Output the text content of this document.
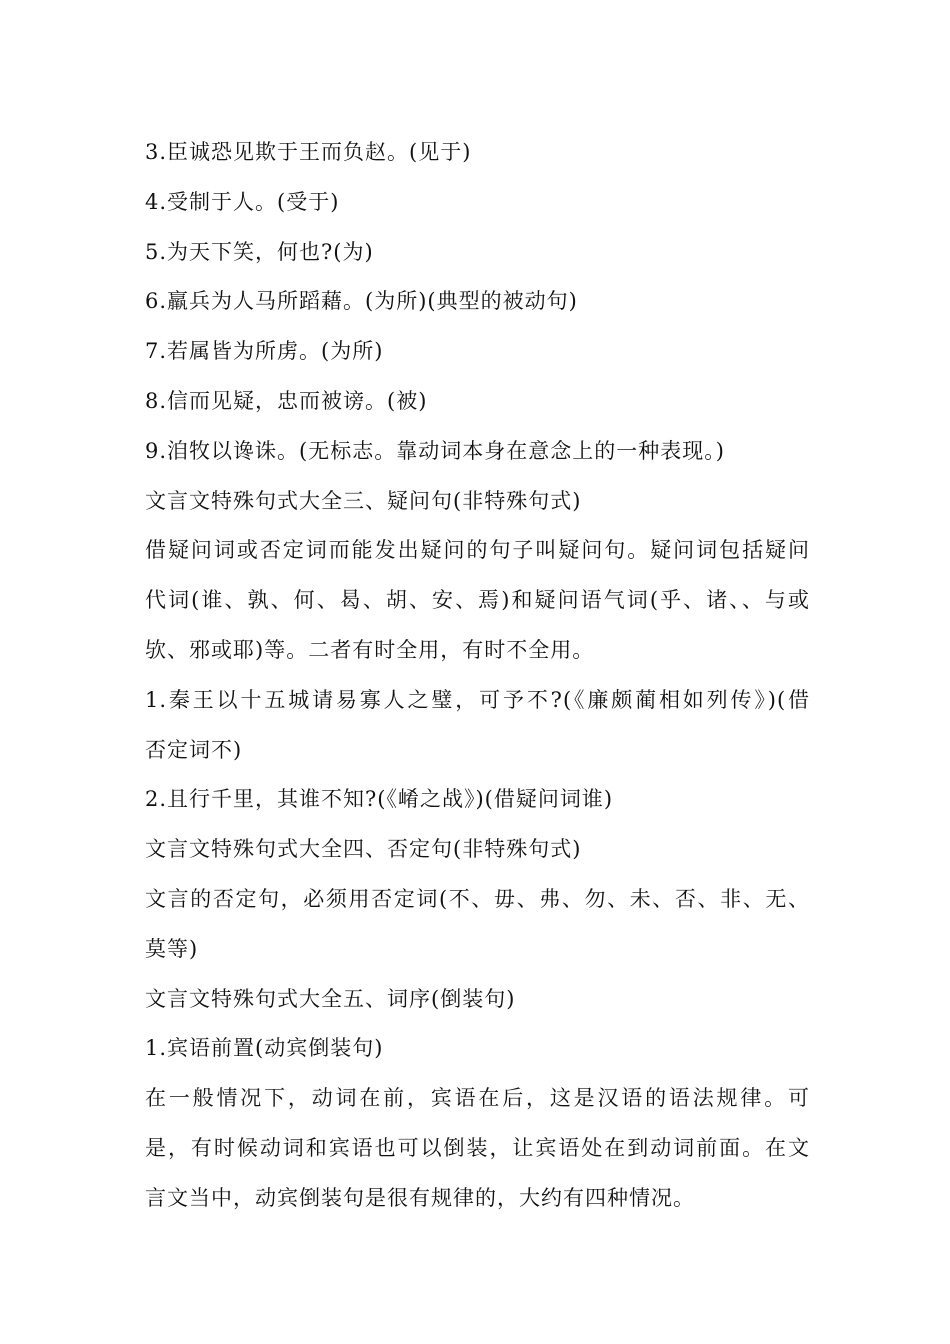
3.臣诚恐见欺于王而负赵。(见于)
4.受制于人。(受于)
5.为天下笑，何也?(为)
6.羸兵为人马所蹈藉。(为所)(典型的被动句)
7.若属皆为所虏。(为所)
8.信而见疑，忠而被谤。(被)
9.洎牧以谗诛。(无标志。靠动词本身在意念上的一种表现。)
文言文特殊句式大全三、疑问句(非特殊句式)
借疑问词或否定词而能发出疑问的句子叫疑问句。疑问词包括疑问
代词(谁、孰、何、曷、胡、安、焉)和疑问语气词(乎、诸、、与或
欤、邪或耶)等。二者有时全用，有时不全用。
1.秦王以十五城请易寡人之璧，可予不?(《廉颇蔺相如列传》)(借
否定词不)
2.且行千里，其谁不知?(《崤之战》)(借疑问词谁)
文言文特殊句式大全四、否定句(非特殊句式)
文言的否定句，必须用否定词(不、毋、弗、勿、未、否、非、无、
莫等)
文言文特殊句式大全五、词序(倒装句)
1.宾语前置(动宾倒装句)
在一般情况下，动词在前，宾语在后，这是汉语的语法规律。可
是，有时候动词和宾语也可以倒装，让宾语处在到动词前面。在文
言文当中，动宾倒装句是很有规律的，大约有四种情况。
